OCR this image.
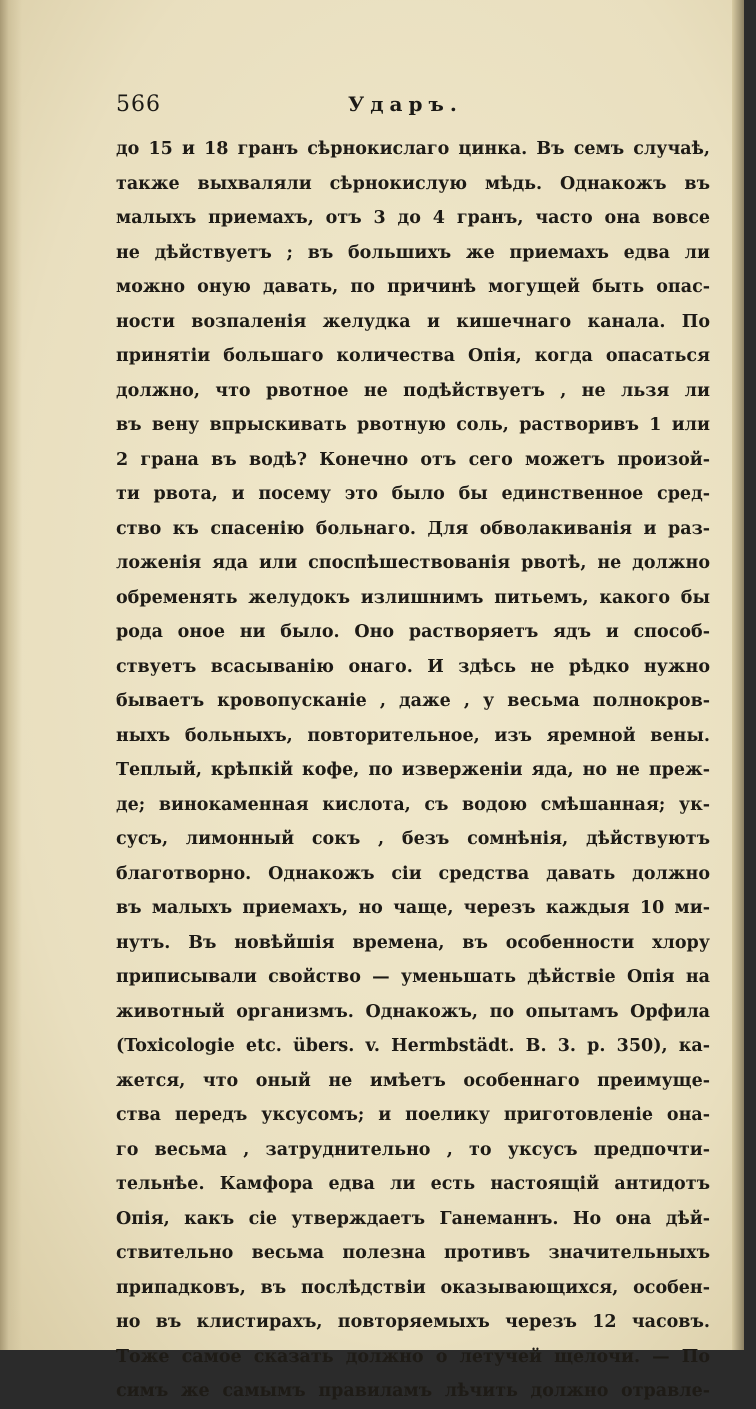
566	Ударъ.
до 15 и 18 гранъ сѣрнокислаго цинка. Въ семъ случаѣ,
также выхваляли сѣрнокислую мѣдь. Однакожъ въ
малыхъ приемахъ, отъ 3 до 4 гранъ, часто она вовсе
не дѣйствуетъ ; въ большихъ же приемахъ едва ли
можно оную давать, по причинѣ могущей быть опас-
ности возпаленія желудка и кишечнаго канала. По
принятіи большаго количества Опія, когда опасаться
должно, что рвотное не подѣйствуетъ , не льзя ли
въ вену впрыскивать рвотную соль, растворивъ 1 или
2 грана въ водѣ? Конечно отъ сего можетъ произой-
ти рвота, и посему это было бы единственное сред-
ство къ спасенію больнаго. Для обволакиванія и раз-
ложенія яда или споспѣшествованія рвотѣ, не должно
обременять желудокъ излишнимъ питьемъ, какого бы
рода оное ни было. Оно растворяетъ ядъ и способ-
ствуетъ всасыванію онаго. И здѣсь не рѣдко нужно
бываетъ кровопусканіе , даже , у весьма полнокров-
ныхъ больныхъ, повторительное, изъ яремной вены.
Теплый, крѣпкій кофе, по изверженіи яда, но не преж-
де; винокаменная кислота, съ водою смѣшанная; ук-
сусъ, лимонный сокъ , безъ сомнѣнія, дѣйствуютъ
благотворно. Однакожъ сіи средства давать должно
въ малыхъ приемахъ, но чаще, черезъ каждыя 10 ми-
нутъ. Въ новѣйшія времена, въ особенности хлору
приписывали свойство — уменьшать дѣйствіе Опія на
животный организмъ. Однакожъ, по опытамъ Орфила
(Toxicologie etc. übers. v. Hermbstädt. B. 3. p. 350), ка-
жется, что оный не имѣетъ особеннаго преимуще-
ства передъ уксусомъ; и поелику приготовленіе она-
го весьма , затруднительно , то уксусъ предпочти-
тельнѣе. Камфора едва ли есть настоящій антидотъ
Опія, какъ сіе утверждаетъ Ганеманнъ. Но она дѣй-
ствительно весьма полезна противъ значительныхъ
припадковъ, въ послѣдствіи оказывающихся, особен-
но въ клистирахъ, повторяемыхъ черезъ 12 часовъ.
Тоже самое сказать должно о летучей щелочи. — По
симъ же самымъ правиламъ лѣчить должно отравле-
